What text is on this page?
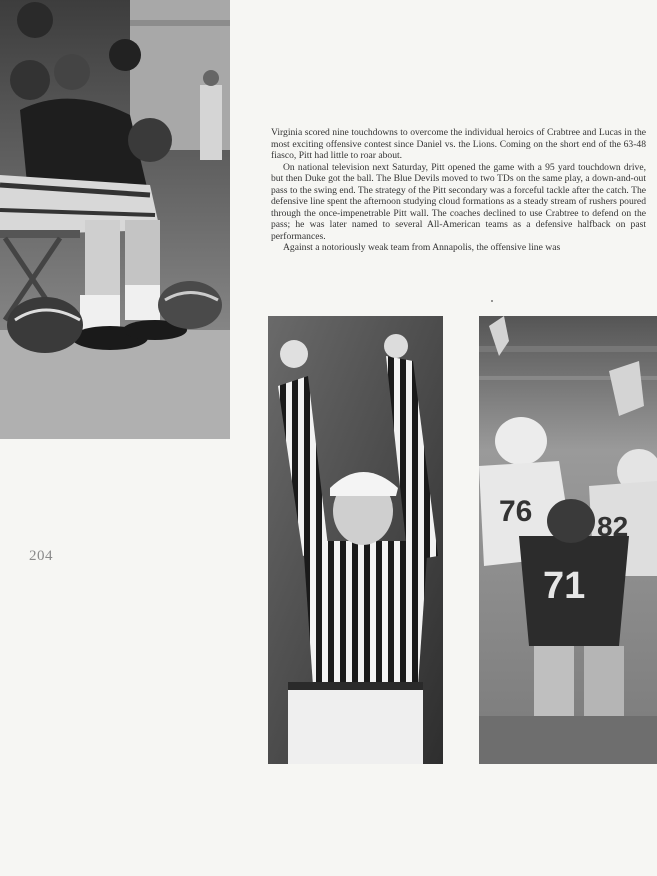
Virginia scored nine touchdowns to overcome the individual heroics of Crabtree and Lucas in the most exciting offensive contest since Daniel vs. the Lions. Coming on the short end of the 63-48 fiasco, Pitt had little to roar about.

On national television next Saturday, Pitt opened the game with a 95 yard touchdown drive, but then Duke got the ball. The Blue Devils moved to two TDs on the same play, a down-and-out pass to the swing end. The strategy of the Pitt secondary was a forceful tackle after the catch. The defensive line spent the afternoon studying cloud formations as a steady stream of rushers poured through the once-impenetrable Pitt wall. The coaches declined to use Crabtree to defend on the pass; he was later named to several All-American teams as a defensive halfback on past performances.

Against a notoriously weak team from Annapolis, the offensive line was

204
76 82
71
